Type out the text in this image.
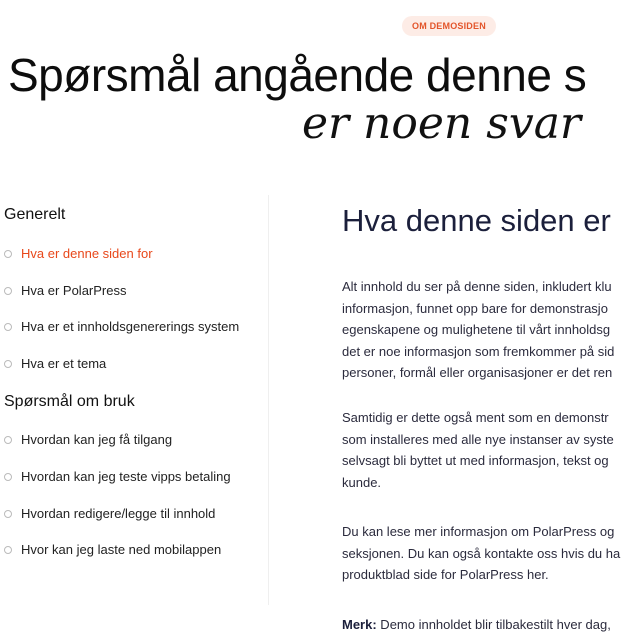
OM DEMOSIDEN
Spørsmål angående denne s
er noen svar
Generelt
Hva er denne siden for
Hva er PolarPress
Hva er et innholdsgenererings system
Hva er et tema
Spørsmål om bruk
Hvordan kan jeg få tilgang
Hvordan kan jeg teste vipps betaling
Hvordan redigere/legge til innhold
Hvor kan jeg laste ned mobilappen
Hva denne siden er

Alt innhold du ser på denne siden, inkludert klu
informasjon, funnet opp bare for demonstrasjo
egenskapene og mulighetene til vårt innholdsg
det er noe informasjon som fremkommer på sid
personer, formål eller organisasjoner er det ren

Samtidig er dette også ment som en demonstr
som installeres med alle nye instanser av syste
selvsagt bli byttet ut med informasjon, tekst og
kunde.

Du kan lese mer informasjon om PolarPress og
seksjonen. Du kan også kontakte oss hvis du ha
produktblad side for PolarPress her.

Merk: Demo innholdet blir tilbakestilt hver dag,
